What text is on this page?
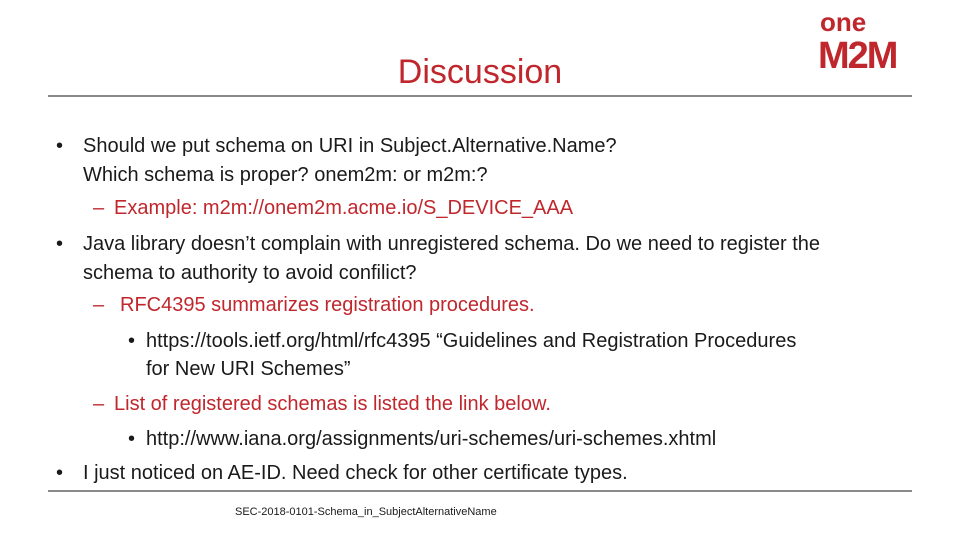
Discussion
one
M2M
• Should we put schema on URI in Subject.Alternative.Name?
Which schema is proper? onem2m: or m2m:?
– Example: m2m://onem2m.acme.io/S_DEVICE_AAA
• Java library doesn’t complain with unregistered schema. Do we need to register the
schema to authority to avoid confilict?
– RFC4395 summarizes registration procedures.
• https://tools.ietf.org/html/rfc4395 “Guidelines and Registration Procedures
for New URI Schemes”
– List of registered schemas is listed the link below.
• http://www.iana.org/assignments/uri-schemes/uri-schemes.xhtml
• I just noticed on AE-ID. Need check for other certificate types.
SEC-2018-0101-Schema_in_SubjectAlternativeName
